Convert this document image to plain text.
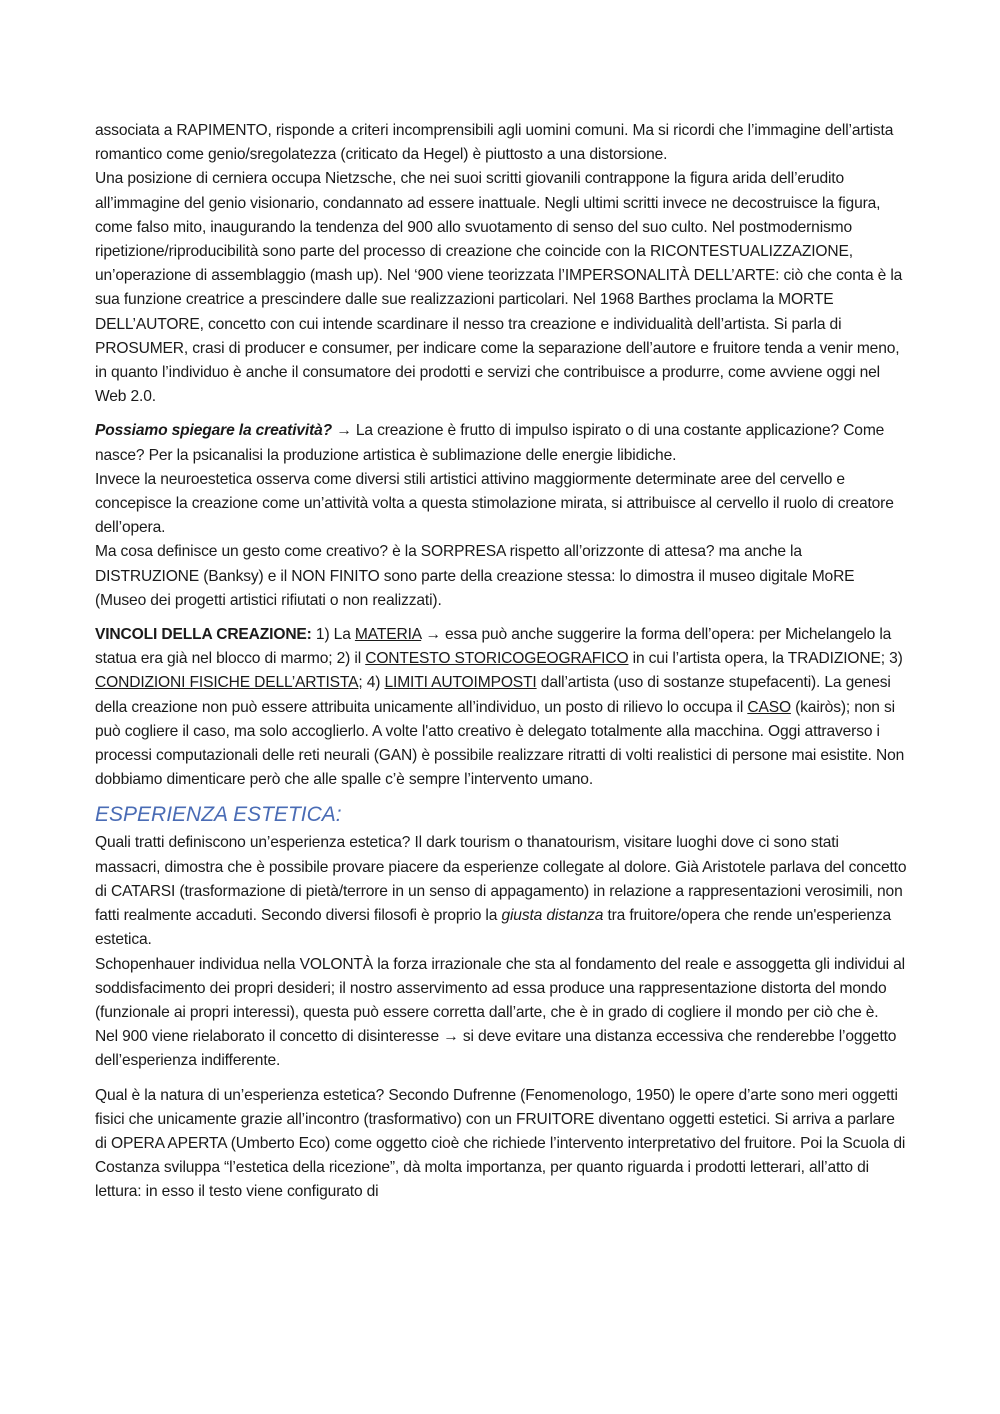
associata a RAPIMENTO, risponde a criteri incomprensibili agli uomini comuni. Ma si ricordi che l’immagine dell’artista romantico come genio/sregolatezza (criticato da Hegel) è piuttosto a una distorsione.

Una posizione di cerniera occupa Nietzsche, che nei suoi scritti giovanili contrappone la figura arida dell’erudito all’immagine del genio visionario, condannato ad essere inattuale. Negli ultimi scritti invece ne decostruisce la figura, come falso mito, inaugurando la tendenza del 900 allo svuotamento di senso del suo culto. Nel postmodernismo ripetizione/riproducibilità sono parte del processo di creazione che coincide con la RICONTESTUALIZZAZIONE, un’operazione di assemblaggio (mash up). Nel ‘900 viene teorizzata l’IMPERSONALITÀ DELL’ARTE: ciò che conta è la sua funzione creatrice a prescindere dalle sue realizzazioni particolari. Nel 1968 Barthes proclama la MORTE DELL’AUTORE, concetto con cui intende scardinare il nesso tra creazione e individualità dell’artista. Si parla di PROSUMER, crasi di producer e consumer, per indicare come la separazione dell’autore e fruitore tenda a venir meno, in quanto l’individuo è anche il consumatore dei prodotti e servizi che contribuisce a produrre, come avviene oggi nel Web 2.0.

Possiamo spiegare la creatività? → La creazione è frutto di impulso ispirato o di una costante applicazione? Come nasce? Per la psicanalisi la produzione artistica è sublimazione delle energie libidiche.

Invece la neuroestetica osserva come diversi stili artistici attivino maggiormente determinate aree del cervello e concepisce la creazione come un’attività volta a questa stimolazione mirata, si attribuisce al cervello il ruolo di creatore dell’opera.

Ma cosa definisce un gesto come creativo? è la SORPRESA rispetto all’orizzonte di attesa? ma anche la DISTRUZIONE (Banksy) e il NON FINITO sono parte della creazione stessa: lo dimostra il museo digitale MoRE (Museo dei progetti artistici rifiutati o non realizzati).

VINCOLI DELLA CREAZIONE: 1) La MATERIA → essa può anche suggerire la forma dell’opera: per Michelangelo la statua era già nel blocco di marmo; 2) il CONTESTO STORICOGEOGRAFICO in cui l’artista opera, la TRADIZIONE; 3) CONDIZIONI FISICHE DELL’ARTISTA; 4) LIMITI AUTOIMPOSTI dall’artista (uso di sostanze stupefacenti). La genesi della creazione non può essere attribuita unicamente all’individuo, un posto di rilievo lo occupa il CASO (kairòs); non si può cogliere il caso, ma solo accoglierlo. A volte l'atto creativo è delegato totalmente alla macchina. Oggi attraverso i processi computazionali delle reti neurali (GAN) è possibile realizzare ritratti di volti realistici di persone mai esistite. Non dobbiamo dimenticare però che alle spalle c’è sempre l’intervento umano.

ESPERIENZA ESTETICA:

Quali tratti definiscono un’esperienza estetica? Il dark tourism o thanatourism, visitare luoghi dove ci sono stati massacri, dimostra che è possibile provare piacere da esperienze collegate al dolore. Già Aristotele parlava del concetto di CATARSI (trasformazione di pietà/terrore in un senso di appagamento) in relazione a rappresentazioni verosimili, non fatti realmente accaduti. Secondo diversi filosofi è proprio la giusta distanza tra fruitore/opera che rende un'esperienza estetica.

Schopenhauer individua nella VOLONTÀ la forza irrazionale che sta al fondamento del reale e assoggetta gli individui al soddisfacimento dei propri desideri; il nostro asservimento ad essa produce una rappresentazione distorta del mondo (funzionale ai propri interessi), questa può essere corretta dall’arte, che è in grado di cogliere il mondo per ciò che è.

Nel 900 viene rielaborato il concetto di disinteresse → si deve evitare una distanza eccessiva che renderebbe l’oggetto dell’esperienza indifferente.

Qual è la natura di un’esperienza estetica? Secondo Dufrenne (Fenomenologo, 1950) le opere d’arte sono meri oggetti fisici che unicamente grazie all’incontro (trasformativo) con un FRUITORE diventano oggetti estetici. Si arriva a parlare di OPERA APERTA (Umberto Eco) come oggetto cioè che richiede l’intervento interpretativo del fruitore. Poi la Scuola di Costanza sviluppa “l’estetica della ricezione”, dà molta importanza, per quanto riguarda i prodotti letterari, all’atto di lettura: in esso il testo viene configurato di
